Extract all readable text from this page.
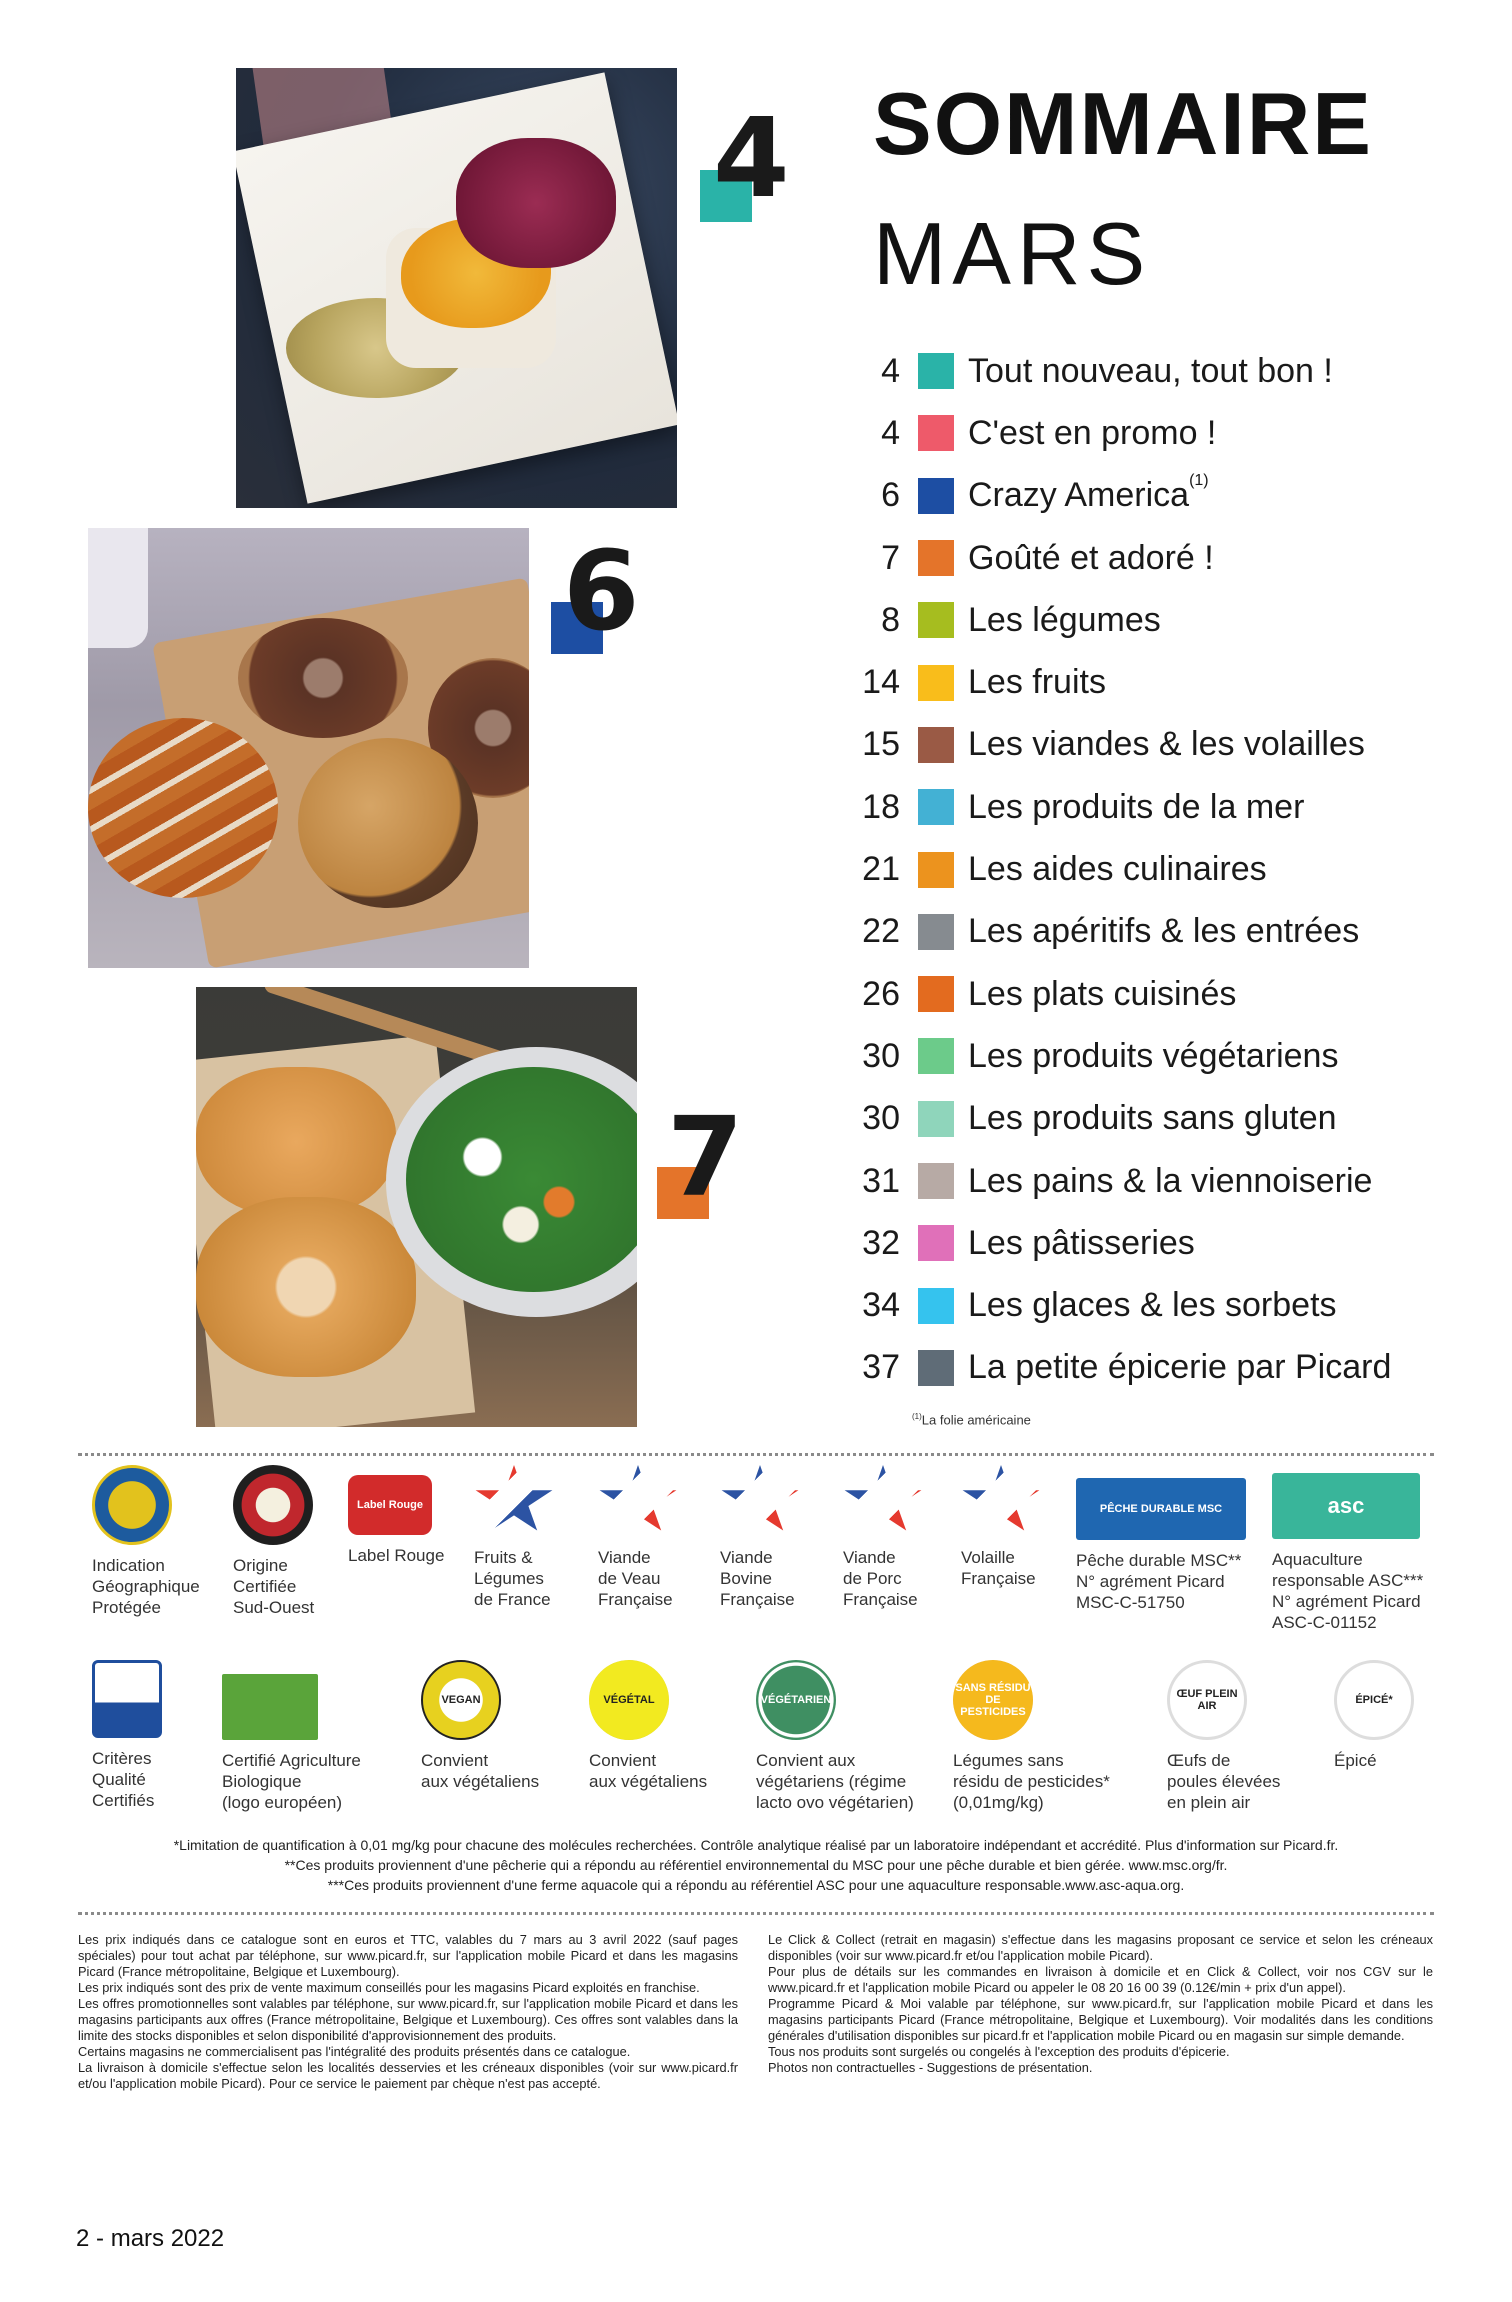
4
6
7
SOMMAIRE
MARS
4 Tout nouveau, tout bon !
4 C'est en promo !
6 Crazy America$^{(1)}$
7 Goûté et adoré !
8 Les légumes
14 Les fruits
15 Les viandes & les volailles
18 Les produits de la mer
21 Les aides culinaires
22 Les apéritifs & les entrées
26 Les plats cuisinés
30 Les produits végétariens
30 Les produits sans gluten
31 Les pains & la viennoiserie
32 Les pâtisseries
34 Les glaces & les sorbets
37 La petite épicerie par Picard
$^{(1)}$La folie américaine
Indication
Géographique
Protégée
Origine
Certifiée
Sud-Ouest
Label Rouge
Label Rouge Fruits &
Légumes
de France
Viande
de Veau
Française
Viande
Bovine
Française
Viande
de Porc
Française
Volaille
Française
PÊCHE DURABLE MSC
Pêche durable MSC**
N° agrément Picard
MSC-C-51750
asc
Aquaculture
responsable ASC***
N° agrément Picard
ASC-C-01152
Critères
Qualité
Certifiés
Certifié Agriculture
Biologique
(logo européen)
VEGAN
Convient
aux végétaliens
VÉGÉTAL
Convient
aux végétaliens
VÉGÉTARIEN
Convient aux
végétariens (régime
lacto ovo végétarien)
SANS RÉSIDU DE PESTICIDES
Légumes sans
résidu de pesticides*
(0,01mg/kg)
ŒUF PLEIN AIR
Œufs de
poules élevées
en plein air
ÉPICÉ*
Épicé
*Limitation de quantification à 0,01 mg/kg pour chacune des molécules recherchées. Contrôle analytique réalisé par un laboratoire indépendant et accrédité. Plus d'information sur Picard.fr.
**Ces produits proviennent d'une pêcherie qui a répondu au référentiel environnemental du MSC pour une pêche durable et bien gérée. www.msc.org/fr.
***Ces produits proviennent d'une ferme aquacole qui a répondu au référentiel ASC pour une aquaculture responsable.www.asc-aqua.org.

Les prix indiqués dans ce catalogue sont en euros et TTC, valables du 7 mars au 3 avril 2022 (sauf pages spéciales) pour tout achat par téléphone, sur www.picard.fr, sur l'application mobile Picard et dans les magasins Picard (France métropolitaine, Belgique et Luxembourg).

Les prix indiqués sont des prix de vente maximum conseillés pour les magasins Picard exploités en franchise.

Les offres promotionnelles sont valables par téléphone, sur www.picard.fr, sur l'application mobile Picard et dans les magasins participants aux offres (France métropolitaine, Belgique et Luxembourg). Ces offres sont valables dans la limite des stocks disponibles et selon disponibilité d'approvisionnement des produits.

Certains magasins ne commercialisent pas l'intégralité des produits présentés dans ce catalogue.

La livraison à domicile s'effectue selon les localités desservies et les créneaux disponibles (voir sur www.picard.fr et/ou l'application mobile Picard). Pour ce service le paiement par chèque n'est pas accepté.

Le Click & Collect (retrait en magasin) s'effectue dans les magasins proposant ce service et selon les créneaux disponibles (voir sur www.picard.fr et/ou l'application mobile Picard).

Pour plus de détails sur les commandes en livraison à domicile et en Click & Collect, voir nos CGV sur le www.picard.fr et l'application mobile Picard ou appeler le 08 20 16 00 39 (0.12€/min + prix d'un appel).

Programme Picard & Moi valable par téléphone, sur www.picard.fr, sur l'application mobile Picard et dans les magasins participants Picard (France métropolitaine, Belgique et Luxembourg). Voir modalités dans les conditions générales d'utilisation disponibles sur picard.fr et l'application mobile Picard ou en magasin sur simple demande.

Tous nos produits sont surgelés ou congelés à l'exception des produits d'épicerie.

Photos non contractuelles - Suggestions de présentation.

2 - mars 2022
